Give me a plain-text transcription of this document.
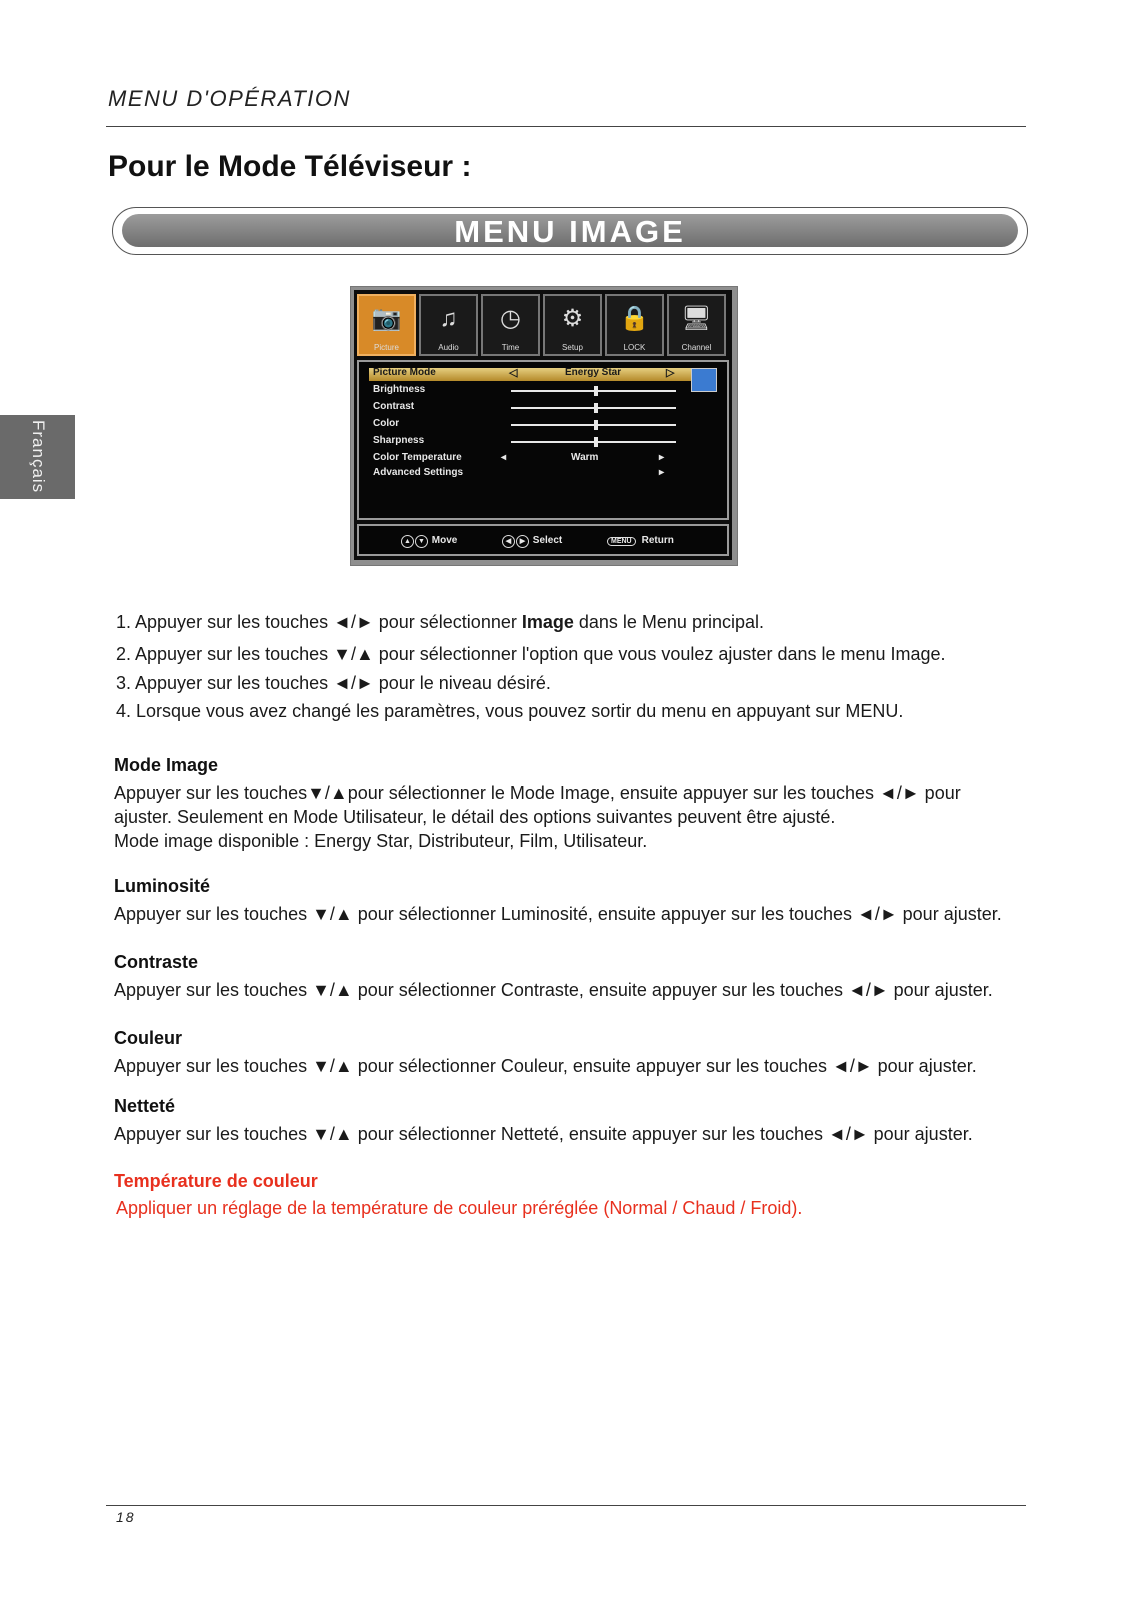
MENU D'OPÉRATION
Pour le Mode Téléviseur :
MENU IMAGE
Français
📷
Picture
♫
Audio
◷
Time
⚙
Setup
🔒
LOCK
🖥
Channel
Picture Mode	◁	Energy Star	▷
Brightness
Contrast
Color
Sharpness
Color Temperature	◂	Warm	▸
Advanced Settings	▸
▲ ▼ Move	◀ ▶ Select	MENU Return
1. Appuyer sur les touches ◄/► pour sélectionner Image dans le Menu principal.
2. Appuyer sur les touches ▼/▲ pour sélectionner l'option que vous voulez ajuster dans le menu Image.
3. Appuyer sur les touches ◄/► pour le niveau désiré.
4. Lorsque vous avez changé les paramètres, vous pouvez sortir du menu en appuyant sur MENU.
Mode Image
Appuyer sur les touches▼/▲pour sélectionner le Mode Image, ensuite appuyer sur les touches ◄/► pour
ajuster. Seulement en Mode Utilisateur, le détail des options suivantes peuvent être ajusté.
Mode image disponible : Energy Star, Distributeur, Film, Utilisateur.
Luminosité
Appuyer sur les touches ▼/▲ pour sélectionner Luminosité, ensuite appuyer sur les touches ◄/► pour ajuster.
Contraste
Appuyer sur les touches ▼/▲ pour sélectionner Contraste, ensuite appuyer sur les touches ◄/► pour ajuster.
Couleur
Appuyer sur les touches ▼/▲ pour sélectionner Couleur, ensuite appuyer sur les touches ◄/► pour ajuster.
Netteté
Appuyer sur les touches ▼/▲ pour sélectionner Netteté, ensuite appuyer sur les touches ◄/► pour ajuster.
Température de couleur
Appliquer un réglage de la température de couleur préréglée (Normal / Chaud / Froid).
18
